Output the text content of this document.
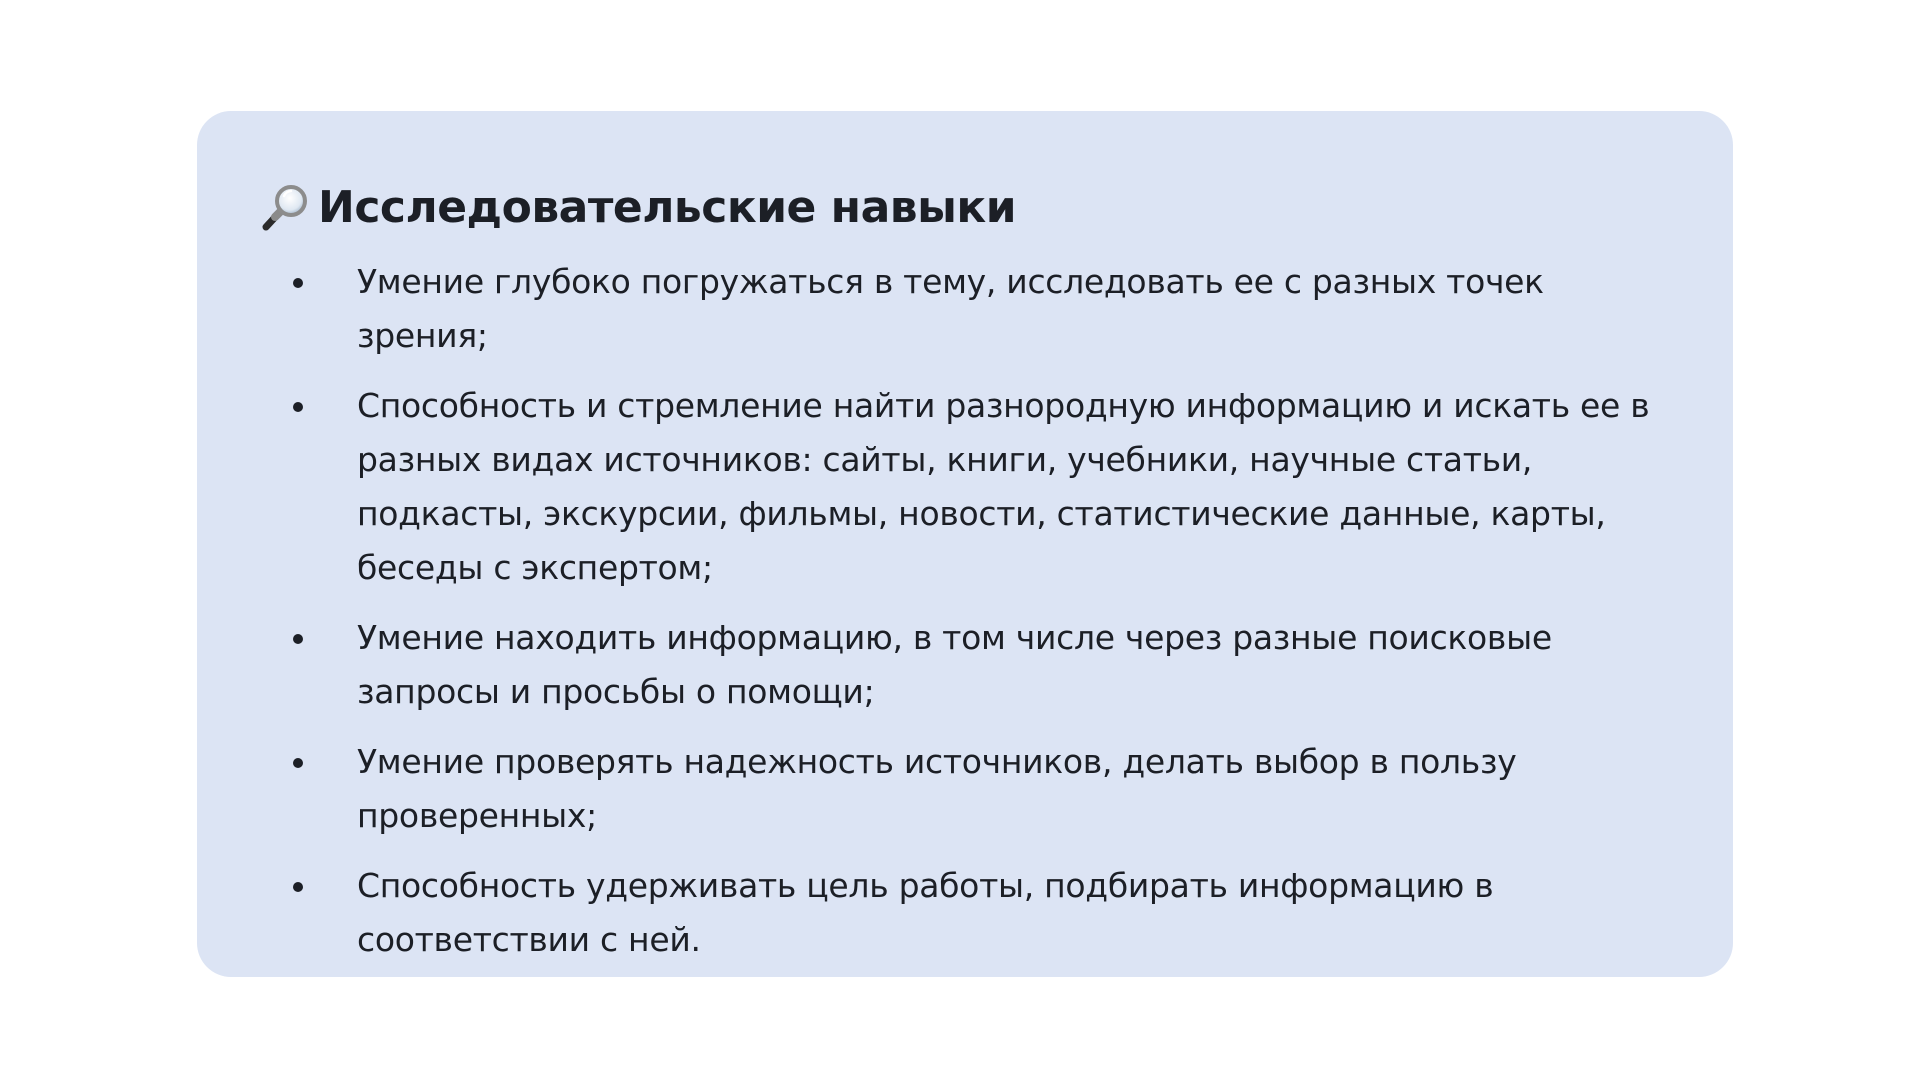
Исследовательские навыки
Умение глубоко погружаться в тему, исследовать ее с разных точек зрения;
Способность и стремление найти разнородную информацию и искать ее в разных видах источников: сайты, книги, учебники, научные статьи, подкасты, экскурсии, фильмы, новости, статистические данные, карты, беседы с экспертом;
Умение находить информацию, в том числе через разные поисковые запросы и просьбы о помощи;
Умение проверять надежность источников, делать выбор в пользу проверенных;
Способность удерживать цель работы, подбирать информацию в соответствии с ней.
